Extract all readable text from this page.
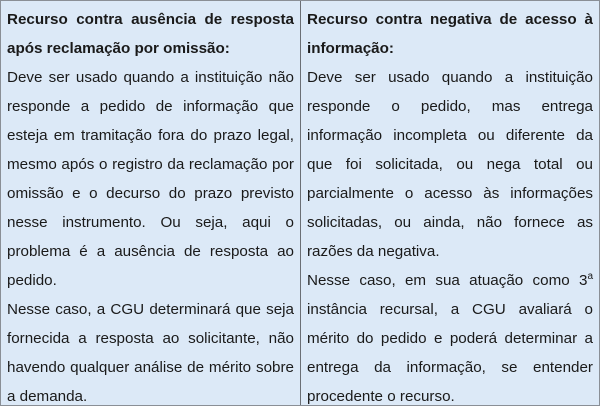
Recurso contra ausência de resposta após reclamação por omissão:

Deve ser usado quando a instituição não responde a pedido de informação que esteja em tramitação fora do prazo legal, mesmo após o registro da reclamação por omissão e o decurso do prazo previsto nesse instrumento. Ou seja, aqui o problema é a ausência de resposta ao pedido.

Nesse caso, a CGU determinará que seja fornecida a resposta ao solicitante, não havendo qualquer análise de mérito sobre a demanda.

Recurso contra negativa de acesso à informação:

Deve ser usado quando a instituição responde o pedido, mas entrega informação incompleta ou diferente da que foi solicitada, ou nega total ou parcialmente o acesso às informações solicitadas, ou ainda, não fornece as razões da negativa.

Nesse caso, em sua atuação como 3$^a$ instância recursal, a CGU avaliará o mérito do pedido e poderá determinar a entrega da informação, se entender procedente o recurso.
